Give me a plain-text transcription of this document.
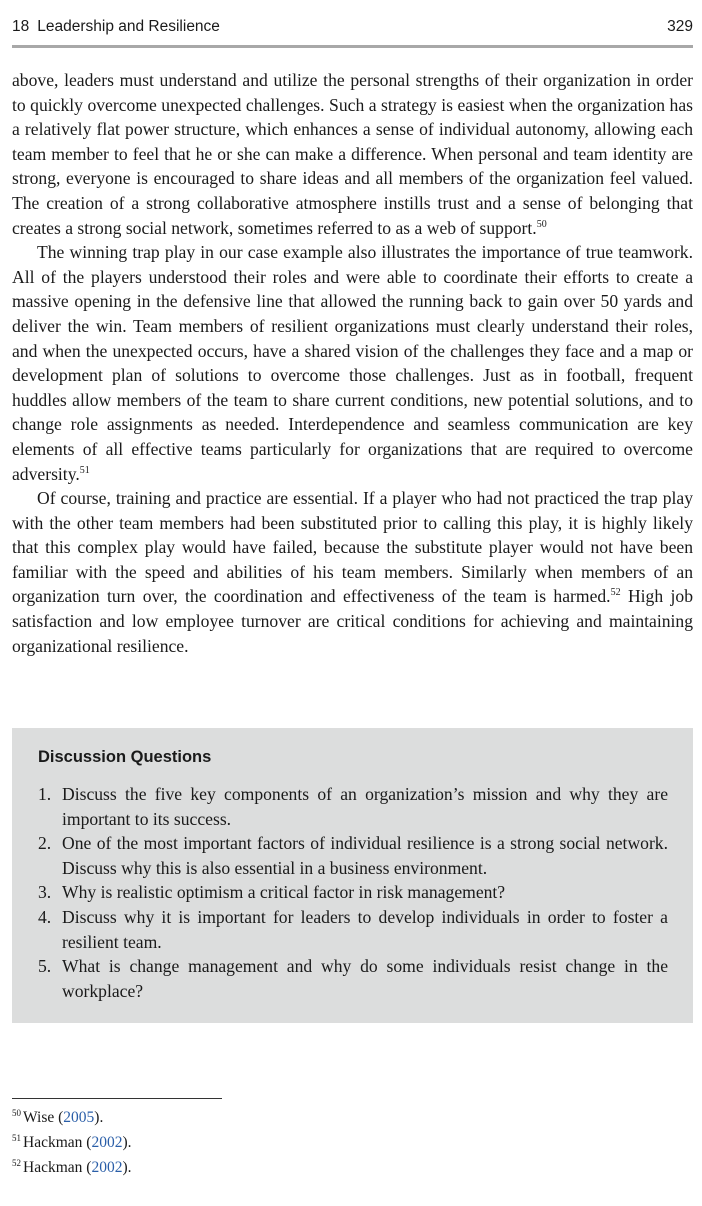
18 Leadership and Resilience	329

above, leaders must understand and utilize the personal strengths of their organization in order to quickly overcome unexpected challenges. Such a strategy is easiest when the organization has a relatively flat power structure, which enhances a sense of individual autonomy, allowing each team member to feel that he or she can make a difference. When personal and team identity are strong, everyone is encouraged to share ideas and all members of the organization feel valued. The creation of a strong collaborative atmosphere instills trust and a sense of belonging that creates a strong social network, sometimes referred to as a web of support.$^{50}$

The winning trap play in our case example also illustrates the importance of true teamwork. All of the players understood their roles and were able to coordinate their efforts to create a massive opening in the defensive line that allowed the running back to gain over 50 yards and deliver the win. Team members of resilient organizations must clearly understand their roles, and when the unexpected occurs, have a shared vision of the challenges they face and a map or development plan of solutions to overcome those challenges. Just as in football, frequent huddles allow members of the team to share current conditions, new potential solutions, and to change role assignments as needed. Interdependence and seamless communication are key elements of all effective teams particularly for organizations that are required to overcome adversity.$^{51}$

Of course, training and practice are essential. If a player who had not practiced the trap play with the other team members had been substituted prior to calling this play, it is highly likely that this complex play would have failed, because the substitute player would not have been familiar with the speed and abilities of his team members. Similarly when members of an organization turn over, the coordination and effectiveness of the team is harmed.$^{52}$ High job satisfaction and low employee turnover are critical conditions for achieving and maintaining organizational resilience.

Discussion Questions
1. Discuss the five key components of an organization’s mission and why they are important to its success.
2. One of the most important factors of individual resilience is a strong social network. Discuss why this is also essential in a business environment.
3. Why is realistic optimism a critical factor in risk management?
4. Discuss why it is important for leaders to develop individuals in order to foster a resilient team.
5. What is change management and why do some individuals resist change in the workplace?
$^{50}$ Wise (2005).
$^{51}$ Hackman (2002).
$^{52}$ Hackman (2002).
